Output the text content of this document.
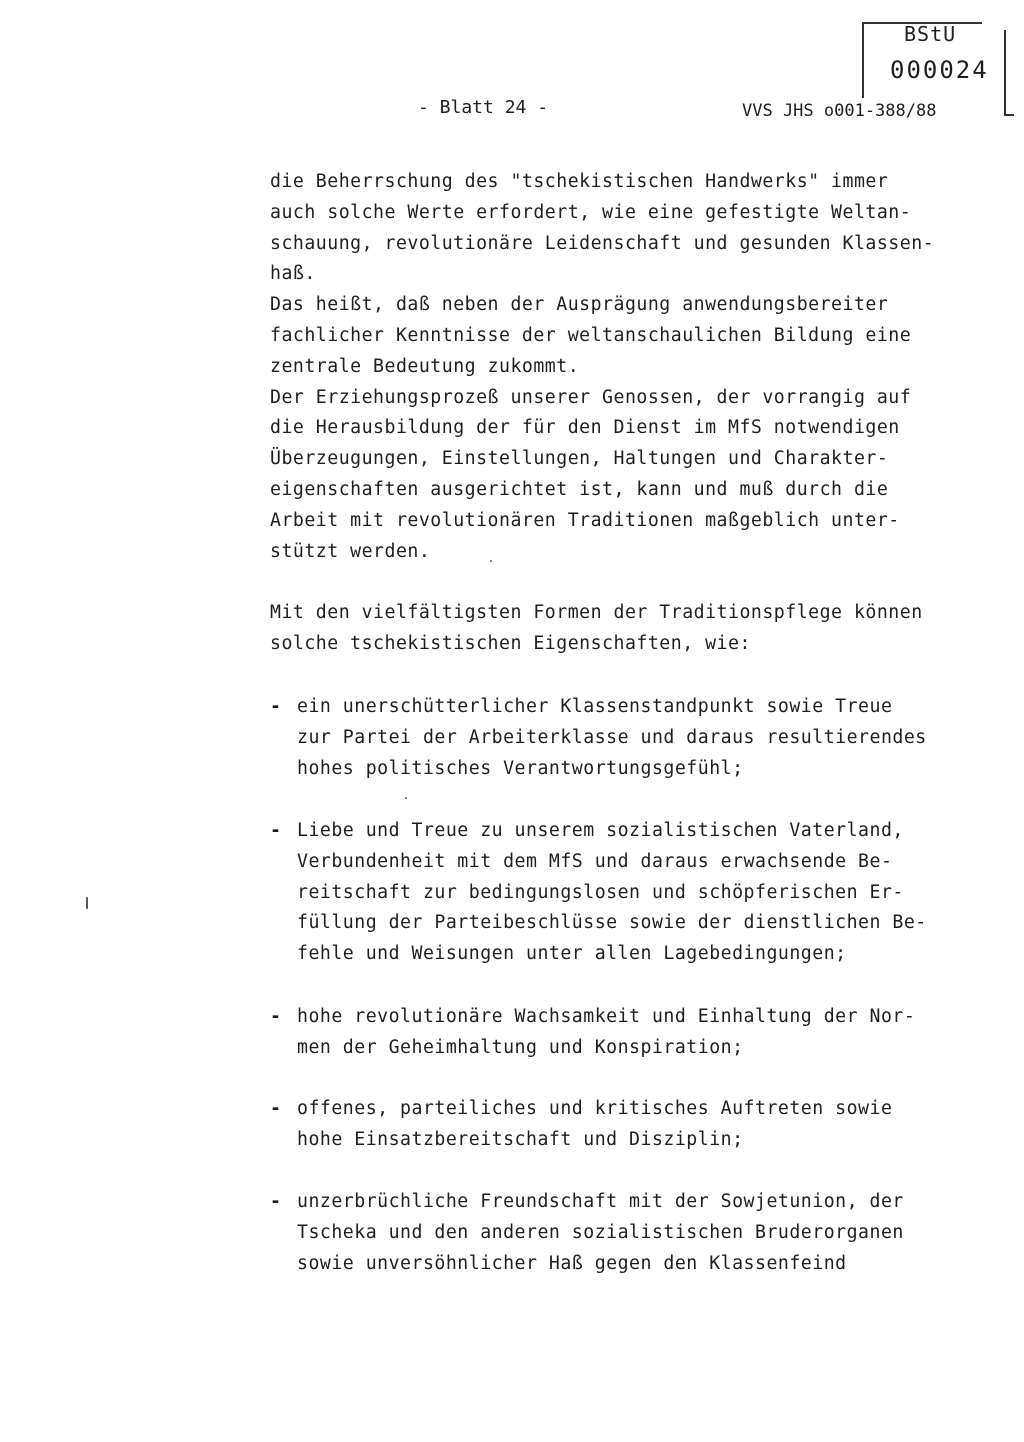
BStU
000024
- Blatt 24 -	VVS JHS o001-388/88

die Beherrschung des "tschekistischen Handwerks" immer
auch solche Werte erfordert, wie eine gefestigte Weltan-
schauung, revolutionäre Leidenschaft und gesunden Klassen-
haß.
Das heißt, daß neben der Ausprägung anwendungsbereiter
fachlicher Kenntnisse der weltanschaulichen Bildung eine
zentrale Bedeutung zukommt.
Der Erziehungsprozeß unserer Genossen, der vorrangig auf
die Herausbildung der für den Dienst im MfS notwendigen
Überzeugungen, Einstellungen, Haltungen und Charakter-
eigenschaften ausgerichtet ist, kann und muß durch die
Arbeit mit revolutionären Traditionen maßgeblich unter-
stützt werden.

Mit den vielfältigsten Formen der Traditionspflege können
solche tschekistischen Eigenschaften, wie:

-

ein unerschütterlicher Klassenstandpunkt sowie Treue
zur Partei der Arbeiterklasse und daraus resultierendes
hohes politisches Verantwortungsgefühl;

-

Liebe und Treue zu unserem sozialistischen Vaterland,
Verbundenheit mit dem MfS und daraus erwachsende Be-
reitschaft zur bedingungslosen und schöpferischen Er-
füllung der Parteibeschlüsse sowie der dienstlichen Be-
fehle und Weisungen unter allen Lagebedingungen;

-

hohe revolutionäre Wachsamkeit und Einhaltung der Nor-
men der Geheimhaltung und Konspiration;

-

offenes, parteiliches und kritisches Auftreten sowie
hohe Einsatzbereitschaft und Disziplin;

-

unzerbrüchliche Freundschaft mit der Sowjetunion, der
Tscheka und den anderen sozialistischen Bruderorganen
sowie unversöhnlicher Haß gegen den Klassenfeind
